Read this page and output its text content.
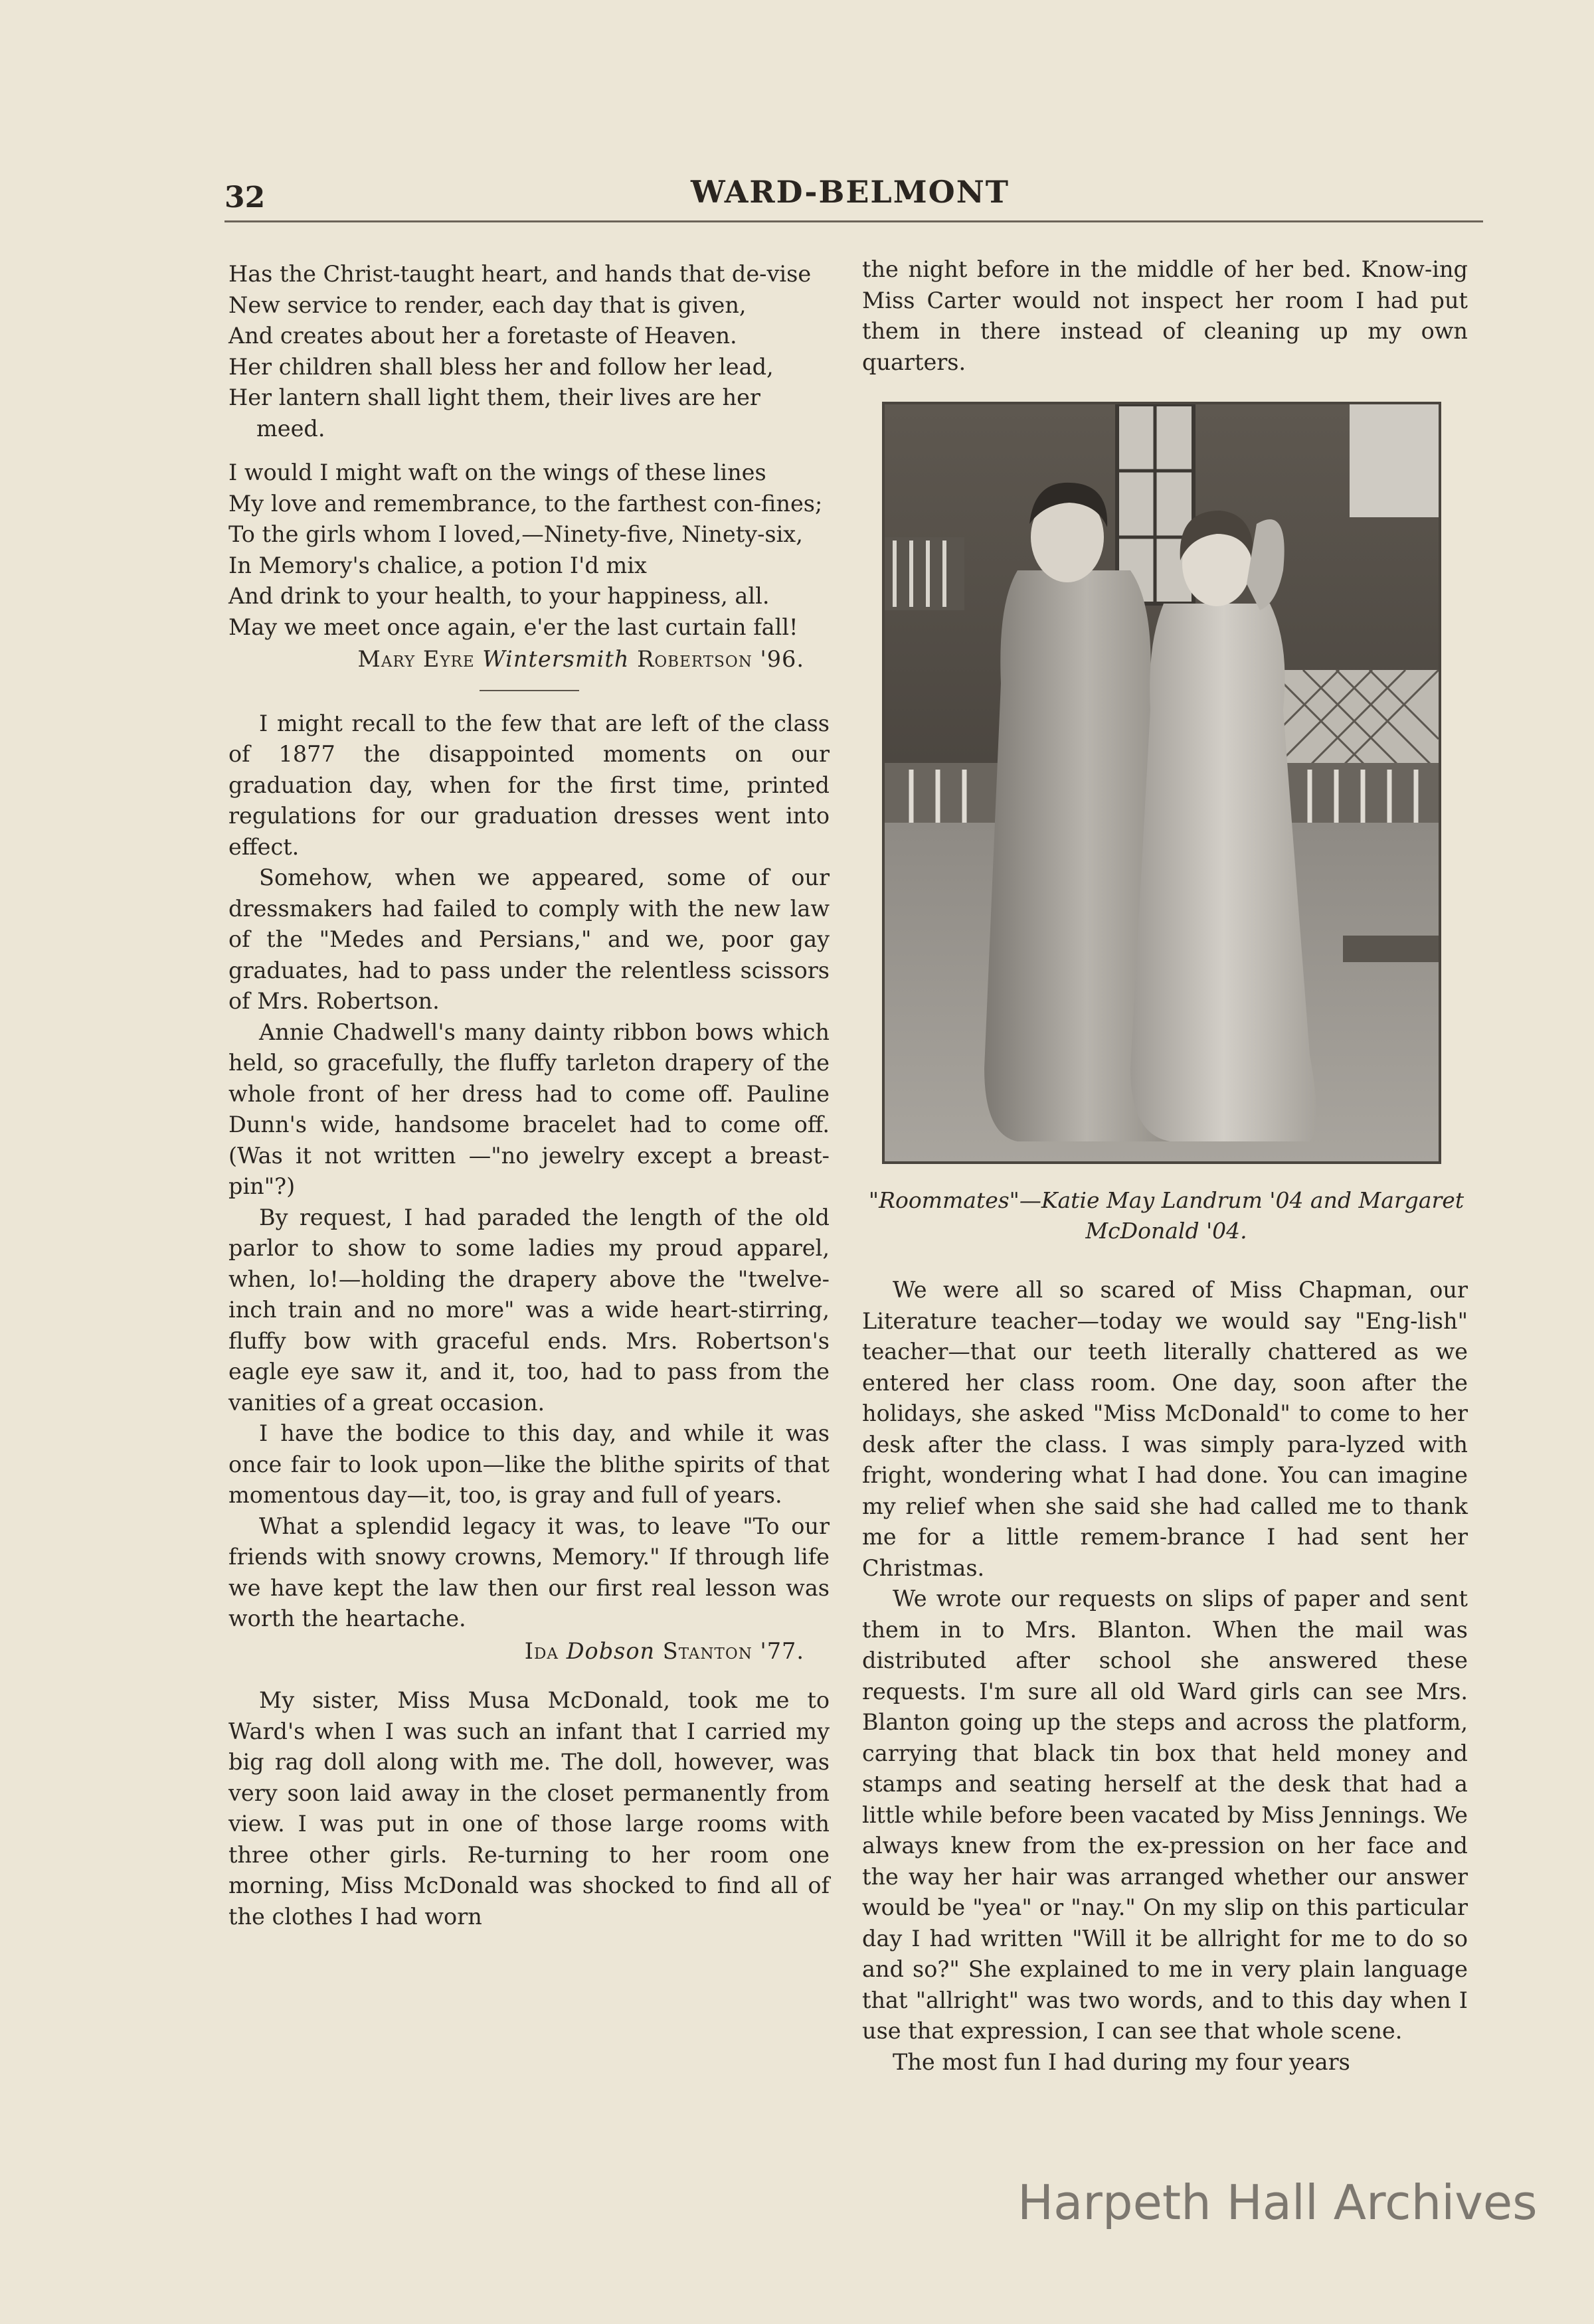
32	WARD-BELMONT
Has the Christ-taught heart, and hands that de-vise
New service to render, each day that is given,
And creates about her a foretaste of Heaven.
Her children shall bless her and follow her lead,
Her lantern shall light them, their lives are her meed.
I would I might waft on the wings of these lines
My love and remembrance, to the farthest con-fines;
To the girls whom I loved,—Ninety-five, Ninety-six,
In Memory's chalice, a potion I'd mix
And drink to your health, to your happiness, all.
May we meet once again, e'er the last curtain fall!
Mary Eyre Wintersmith Robertson '96.

I might recall to the few that are left of the class of 1877 the disappointed moments on our graduation day, when for the first time, printed regulations for our graduation dresses went into effect.

Somehow, when we appeared, some of our dressmakers had failed to comply with the new law of the "Medes and Persians," and we, poor gay graduates, had to pass under the relentless scissors of Mrs. Robertson.

Annie Chadwell's many dainty ribbon bows which held, so gracefully, the fluffy tarleton drapery of the whole front of her dress had to come off. Pauline Dunn's wide, handsome bracelet had to come off. (Was it not written —"no jewelry except a breast-pin"?)

By request, I had paraded the length of the old parlor to show to some ladies my proud apparel, when, lo!—holding the drapery above the "twelve-inch train and no more" was a wide heart-stirring, fluffy bow with graceful ends. Mrs. Robertson's eagle eye saw it, and it, too, had to pass from the vanities of a great occasion.

I have the bodice to this day, and while it was once fair to look upon—like the blithe spirits of that momentous day—it, too, is gray and full of years.

What a splendid legacy it was, to leave "To our friends with snowy crowns, Memory." If through life we have kept the law then our first real lesson was worth the heartache.

Ida Dobson Stanton '77.

My sister, Miss Musa McDonald, took me to Ward's when I was such an infant that I carried my big rag doll along with me. The doll, however, was very soon laid away in the closet permanently from view. I was put in one of those large rooms with three other girls. Re-turning to her room one morning, Miss McDonald was shocked to find all of the clothes I had worn

the night before in the middle of her bed. Know-ing Miss Carter would not inspect her room I had put them in there instead of cleaning up my own quarters.

"Roommates"—Katie May Landrum '04 and Margaret McDonald '04.

We were all so scared of Miss Chapman, our Literature teacher—today we would say "Eng-lish" teacher—that our teeth literally chattered as we entered her class room. One day, soon after the holidays, she asked "Miss McDonald" to come to her desk after the class. I was simply para-lyzed with fright, wondering what I had done. You can imagine my relief when she said she had called me to thank me for a little remem-brance I had sent her Christmas.

We wrote our requests on slips of paper and sent them in to Mrs. Blanton. When the mail was distributed after school she answered these requests. I'm sure all old Ward girls can see Mrs. Blanton going up the steps and across the platform, carrying that black tin box that held money and stamps and seating herself at the desk that had a little while before been vacated by Miss Jennings. We always knew from the ex-pression on her face and the way her hair was arranged whether our answer would be "yea" or "nay." On my slip on this particular day I had written "Will it be allright for me to do so and so?" She explained to me in very plain language that "allright" was two words, and to this day when I use that expression, I can see that whole scene.

The most fun I had during my four years

Harpeth Hall Archives
